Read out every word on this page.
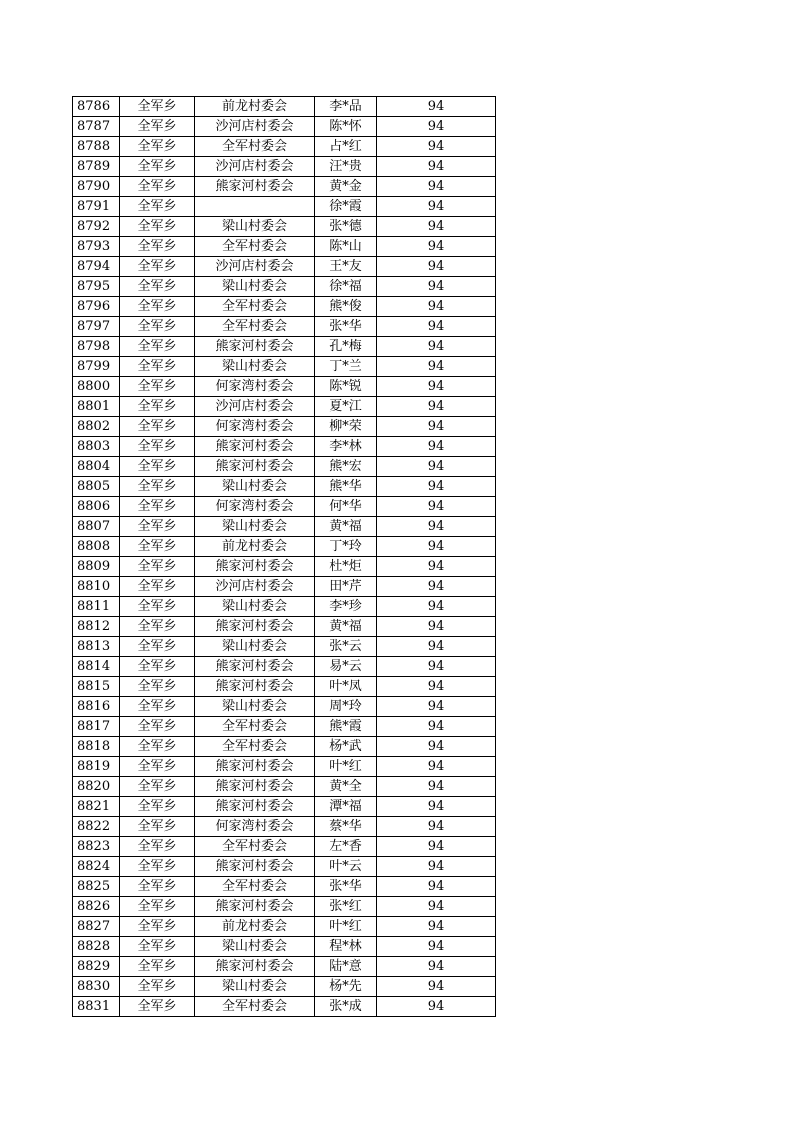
8786	全军乡	前龙村委会	李*品	94
8787	全军乡	沙河店村委会	陈*怀	94
8788	全军乡	全军村委会	占*红	94
8789	全军乡	沙河店村委会	汪*贵	94
8790	全军乡	熊家河村委会	黄*金	94
8791	全军乡		徐*霞	94
8792	全军乡	梁山村委会	张*德	94
8793	全军乡	全军村委会	陈*山	94
8794	全军乡	沙河店村委会	王*友	94
8795	全军乡	梁山村委会	徐*福	94
8796	全军乡	全军村委会	熊*俊	94
8797	全军乡	全军村委会	张*华	94
8798	全军乡	熊家河村委会	孔*梅	94
8799	全军乡	梁山村委会	丁*兰	94
8800	全军乡	何家湾村委会	陈*锐	94
8801	全军乡	沙河店村委会	夏*江	94
8802	全军乡	何家湾村委会	柳*荣	94
8803	全军乡	熊家河村委会	李*林	94
8804	全军乡	熊家河村委会	熊*宏	94
8805	全军乡	梁山村委会	熊*华	94
8806	全军乡	何家湾村委会	何*华	94
8807	全军乡	梁山村委会	黄*福	94
8808	全军乡	前龙村委会	丁*玲	94
8809	全军乡	熊家河村委会	杜*炬	94
8810	全军乡	沙河店村委会	田*芹	94
8811	全军乡	梁山村委会	李*珍	94
8812	全军乡	熊家河村委会	黄*福	94
8813	全军乡	梁山村委会	张*云	94
8814	全军乡	熊家河村委会	易*云	94
8815	全军乡	熊家河村委会	叶*凤	94
8816	全军乡	梁山村委会	周*玲	94
8817	全军乡	全军村委会	熊*霞	94
8818	全军乡	全军村委会	杨*武	94
8819	全军乡	熊家河村委会	叶*红	94
8820	全军乡	熊家河村委会	黄*全	94
8821	全军乡	熊家河村委会	潭*福	94
8822	全军乡	何家湾村委会	蔡*华	94
8823	全军乡	全军村委会	左*香	94
8824	全军乡	熊家河村委会	叶*云	94
8825	全军乡	全军村委会	张*华	94
8826	全军乡	熊家河村委会	张*红	94
8827	全军乡	前龙村委会	叶*红	94
8828	全军乡	梁山村委会	程*林	94
8829	全军乡	熊家河村委会	陆*意	94
8830	全军乡	梁山村委会	杨*先	94
8831	全军乡	全军村委会	张*成	94
